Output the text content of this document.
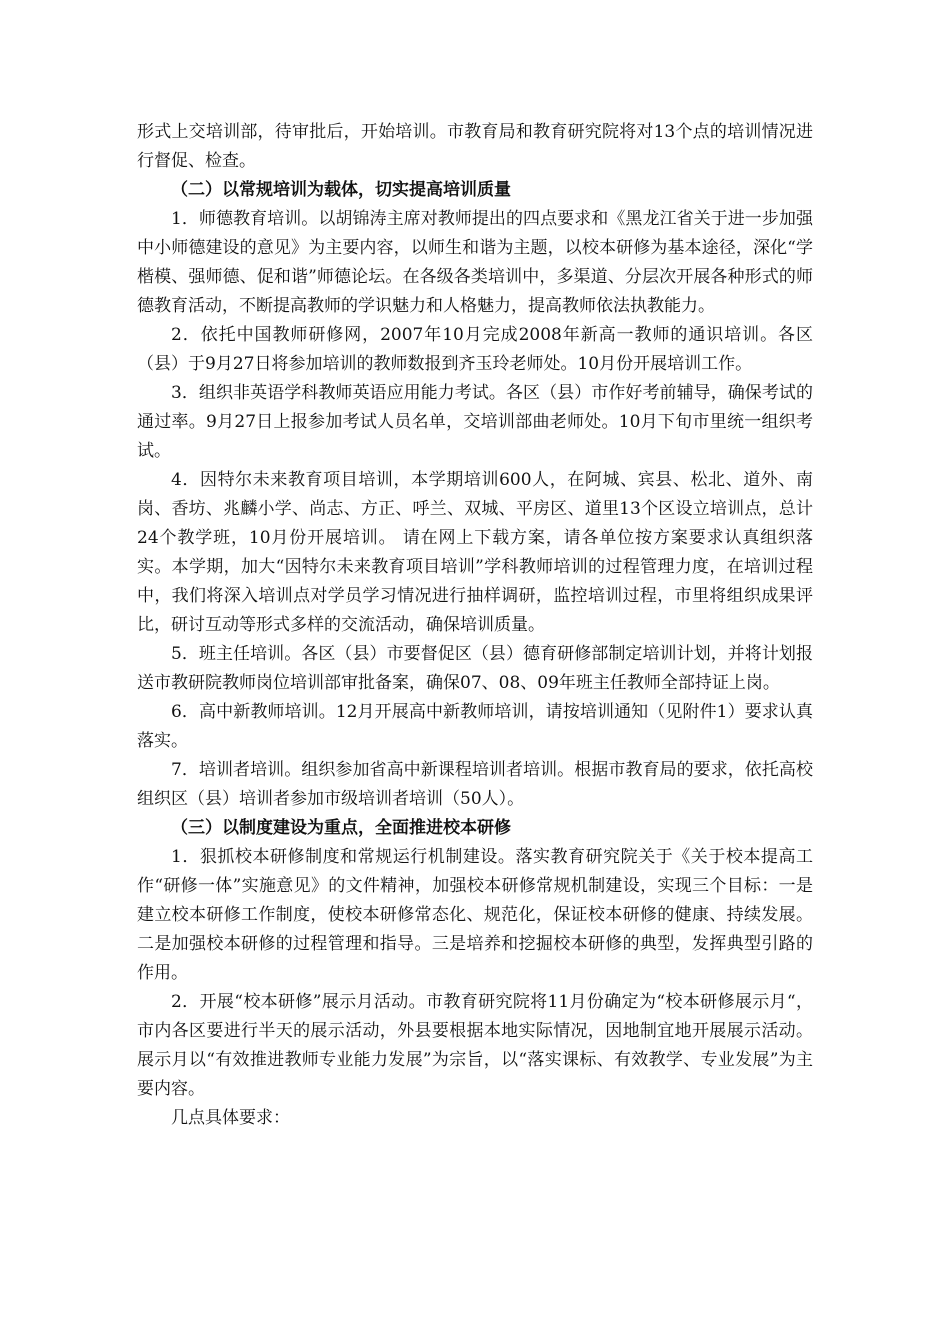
形式上交培训部，待审批后，开始培训。市教育局和教育研究院将对13个点的培训情况进行督促、检查。

（二）以常规培训为载体，切实提高培训质量

1．师德教育培训。以胡锦涛主席对教师提出的四点要求和《黑龙江省关于进一步加强中小师德建设的意见》为主要内容，以师生和谐为主题，以校本研修为基本途径，深化“学楷模、强师德、促和谐”师德论坛。在各级各类培训中，多渠道、分层次开展各种形式的师德教育活动，不断提高教师的学识魅力和人格魅力，提高教师依法执教能力。

2．依托中国教师研修网，2007年10月完成2008年新高一教师的通识培训。各区（县）于9月27日将参加培训的教师数报到齐玉玲老师处。10月份开展培训工作。

3．组织非英语学科教师英语应用能力考试。各区（县）市作好考前辅导，确保考试的通过率。9月27日上报参加考试人员名单，交培训部曲老师处。10月下旬市里统一组织考试。

4．因特尔未来教育项目培训，本学期培训600人，在阿城、宾县、松北、道外、南岗、香坊、兆麟小学、尚志、方正、呼兰、双城、平房区、道里13个区设立培训点，总计24个教学班，10月份开展培训。 请在网上下载方案，请各单位按方案要求认真组织落实。本学期，加大“因特尔未来教育项目培训”学科教师培训的过程管理力度，在培训过程中，我们将深入培训点对学员学习情况进行抽样调研，监控培训过程，市里将组织成果评比，研讨互动等形式多样的交流活动，确保培训质量。

5．班主任培训。各区（县）市要督促区（县）德育研修部制定培训计划，并将计划报送市教研院教师岗位培训部审批备案，确保07、08、09年班主任教师全部持证上岗。

6．高中新教师培训。12月开展高中新教师培训，请按培训通知（见附件1）要求认真落实。

7．培训者培训。组织参加省高中新课程培训者培训。根据市教育局的要求，依托高校组织区（县）培训者参加市级培训者培训（50人）。

（三）以制度建设为重点，全面推进校本研修

1．狠抓校本研修制度和常规运行机制建设。落实教育研究院关于《关于校本提高工作“研修一体”实施意见》的文件精神，加强校本研修常规机制建设，实现三个目标：一是建立校本研修工作制度，使校本研修常态化、规范化，保证校本研修的健康、持续发展。二是加强校本研修的过程管理和指导。三是培养和挖掘校本研修的典型，发挥典型引路的作用。

2．开展“校本研修”展示月活动。市教育研究院将11月份确定为“校本研修展示月“，市内各区要进行半天的展示活动，外县要根据本地实际情况，因地制宜地开展展示活动。展示月以“有效推进教师专业能力发展”为宗旨，以“落实课标、有效教学、专业发展”为主要内容。

几点具体要求：
